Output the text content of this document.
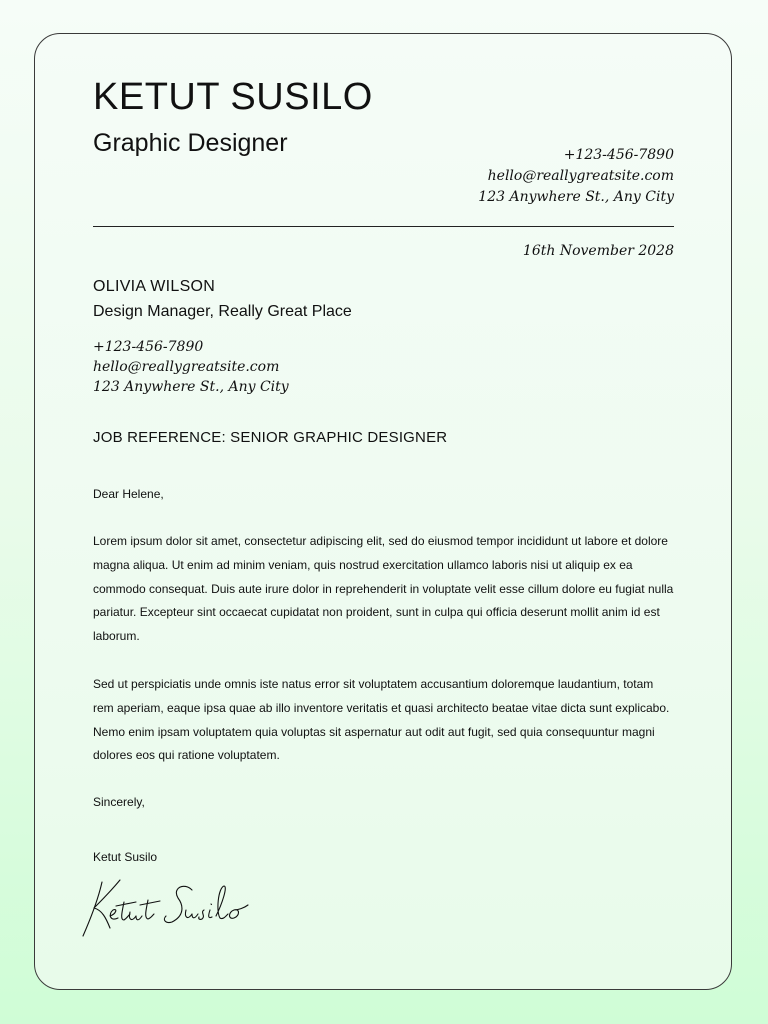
KETUT SUSILO
Graphic Designer	+123-456-7890
hello@reallygreatsite.com
123 Anywhere St., Any City
16th November 2028
OLIVIA WILSON
Design Manager, Really Great Place
+123-456-7890
hello@reallygreatsite.com
123 Anywhere St., Any City
JOB REFERENCE: SENIOR GRAPHIC DESIGNER
Dear Helene,
Lorem ipsum dolor sit amet, consectetur adipiscing elit, sed do eiusmod tempor incididunt ut labore et dolore magna aliqua. Ut enim ad minim veniam, quis nostrud exercitation ullamco laboris nisi ut aliquip ex ea commodo consequat. Duis aute irure dolor in reprehenderit in voluptate velit esse cillum dolore eu fugiat nulla pariatur. Excepteur sint occaecat cupidatat non proident, sunt in culpa qui officia deserunt mollit anim id est laborum.
Sed ut perspiciatis unde omnis iste natus error sit voluptatem accusantium doloremque laudantium, totam rem aperiam, eaque ipsa quae ab illo inventore veritatis et quasi architecto beatae vitae dicta sunt explicabo. Nemo enim ipsam voluptatem quia voluptas sit aspernatur aut odit aut fugit, sed quia consequuntur magni dolores eos qui ratione voluptatem.
Sincerely,
Ketut Susilo
